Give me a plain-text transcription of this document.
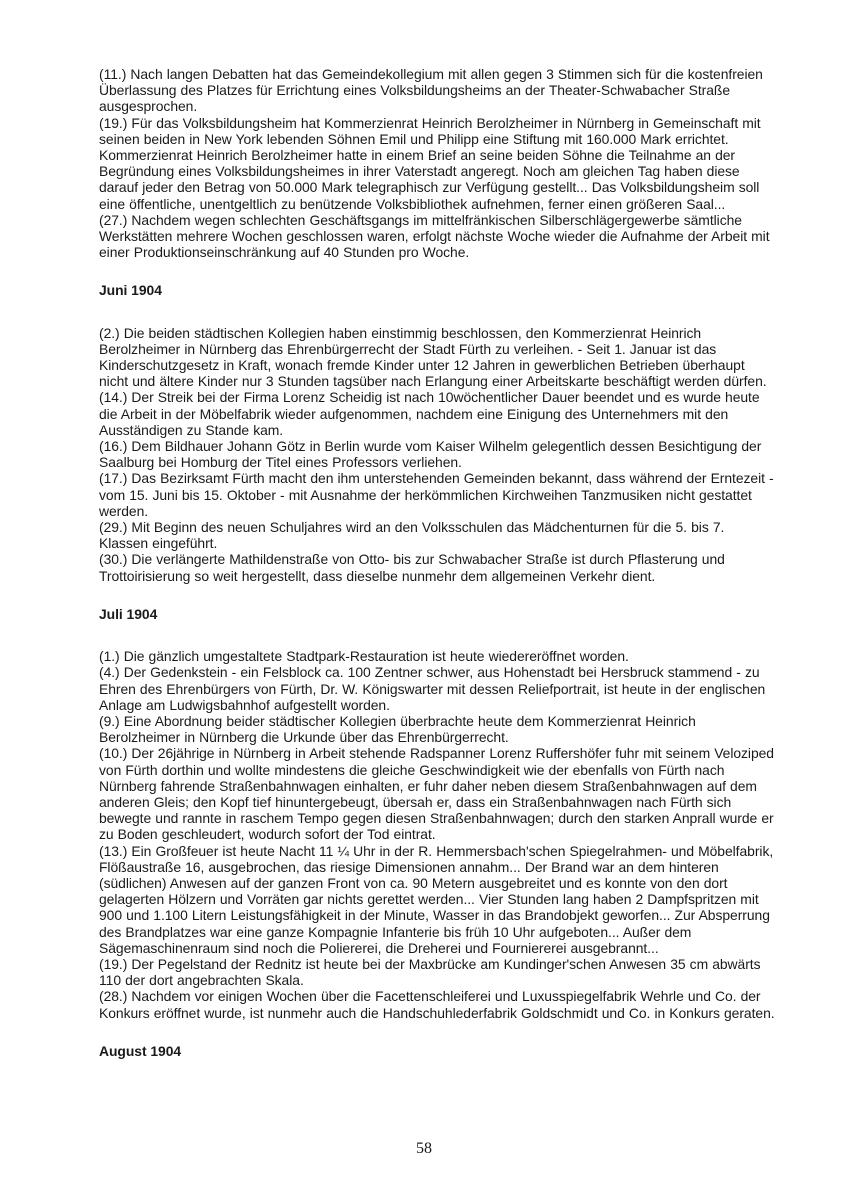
(11.) Nach langen Debatten hat das Gemeindekollegium mit allen gegen 3 Stimmen sich für die kostenfreien Überlassung des Platzes für Errichtung eines Volksbildungsheims an der Theater-Schwabacher Straße ausgesprochen.

(19.) Für das Volksbildungsheim hat Kommerzienrat Heinrich Berolzheimer in Nürnberg in Gemeinschaft mit seinen beiden in New York lebenden Söhnen Emil und Philipp eine Stiftung mit 160.000 Mark errichtet. Kommerzienrat Heinrich Berolzheimer hatte in einem Brief an seine beiden Söhne die Teilnahme an der Begründung eines Volksbildungsheimes in ihrer Vaterstadt angeregt. Noch am gleichen Tag haben diese darauf jeder den Betrag von 50.000 Mark telegraphisch zur Verfügung gestellt... Das Volksbildungsheim soll eine öffentliche, unentgeltlich zu benützende Volksbibliothek aufnehmen, ferner einen größeren Saal...

(27.) Nachdem wegen schlechten Geschäftsgangs im mittelfränkischen Silberschlägergewerbe sämtliche Werkstätten mehrere Wochen geschlossen waren, erfolgt nächste Woche wieder die Aufnahme der Arbeit mit einer Produktionseinschränkung auf 40 Stunden pro Woche.

Juni 1904

(2.) Die beiden städtischen Kollegien haben einstimmig beschlossen, den Kommerzienrat Heinrich Berolzheimer in Nürnberg das Ehrenbürgerrecht der Stadt Fürth zu verleihen. - Seit 1. Januar ist das Kinderschutzgesetz in Kraft, wonach fremde Kinder unter 12 Jahren in gewerblichen Betrieben überhaupt nicht und ältere Kinder nur 3 Stunden tagsüber nach Erlangung einer Arbeitskarte beschäftigt werden dürfen.

(14.) Der Streik bei der Firma Lorenz Scheidig ist nach 10wöchentlicher Dauer beendet und es wurde heute die Arbeit in der Möbelfabrik wieder aufgenommen, nachdem eine Einigung des Unternehmers mit den Ausständigen zu Stande kam.

(16.) Dem Bildhauer Johann Götz in Berlin wurde vom Kaiser Wilhelm gelegentlich dessen Besichtigung der Saalburg bei Homburg der Titel eines Professors verliehen.

(17.) Das Bezirksamt Fürth macht den ihm unterstehenden Gemeinden bekannt, dass während der Erntezeit - vom 15. Juni bis 15. Oktober - mit Ausnahme der herkömmlichen Kirchweihen Tanzmusiken nicht gestattet werden.

(29.) Mit Beginn des neuen Schuljahres wird an den Volksschulen das Mädchenturnen für die 5. bis 7. Klassen eingeführt.

(30.) Die verlängerte Mathildenstraße von Otto- bis zur Schwabacher Straße ist durch Pflasterung und Trottoirisierung so weit hergestellt, dass dieselbe nunmehr dem allgemeinen Verkehr dient.

Juli 1904

(1.) Die gänzlich umgestaltete Stadtpark-Restauration ist heute wiedereröffnet worden.

(4.) Der Gedenkstein - ein Felsblock ca. 100 Zentner schwer, aus Hohenstadt bei Hersbruck stammend - zu Ehren des Ehrenbürgers von Fürth, Dr. W. Königswarter mit dessen Reliefportrait, ist heute in der englischen Anlage am Ludwigsbahnhof aufgestellt worden.

(9.) Eine Abordnung beider städtischer Kollegien überbrachte heute dem Kommerzienrat Heinrich Berolzheimer in Nürnberg die Urkunde über das Ehrenbürgerrecht.

(10.) Der 26jährige in Nürnberg in Arbeit stehende Radspanner Lorenz Ruffershöfer fuhr mit seinem Veloziped von Fürth dorthin und wollte mindestens die gleiche Geschwindigkeit wie der ebenfalls von Fürth nach Nürnberg fahrende Straßenbahnwagen einhalten, er fuhr daher neben diesem Straßenbahnwagen auf dem anderen Gleis; den Kopf tief hinuntergebeugt, übersah er, dass ein Straßenbahnwagen nach Fürth sich bewegte und rannte in raschem Tempo gegen diesen Straßenbahnwagen; durch den starken Anprall wurde er zu Boden geschleudert, wodurch sofort der Tod eintrat.

(13.) Ein Großfeuer ist heute Nacht 11 ¼ Uhr in der R. Hemmersbach'schen Spiegelrahmen- und Möbelfabrik, Flößaustraße 16, ausgebrochen, das riesige Dimensionen annahm... Der Brand war an dem hinteren (südlichen) Anwesen auf der ganzen Front von ca. 90 Metern ausgebreitet und es konnte von den dort gelagerten Hölzern und Vorräten gar nichts gerettet werden... Vier Stunden lang haben 2 Dampfspritzen mit 900 und 1.100 Litern Leistungsfähigkeit in der Minute, Wasser in das Brandobjekt geworfen... Zur Absperrung des Brandplatzes war eine ganze Kompagnie Infanterie bis früh 10 Uhr aufgeboten... Außer dem Sägemaschinenraum sind noch die Poliererei, die Dreherei und Fourniererei ausgebrannt...

(19.) Der Pegelstand der Rednitz ist heute bei der Maxbrücke am Kundinger'schen Anwesen 35 cm abwärts 110 der dort angebrachten Skala.

(28.) Nachdem vor einigen Wochen über die Facettenschleiferei und Luxusspiegelfabrik Wehrle und Co. der Konkurs eröffnet wurde, ist nunmehr auch die Handschuhlederfabrik Goldschmidt und Co. in Konkurs geraten.

August 1904
58
